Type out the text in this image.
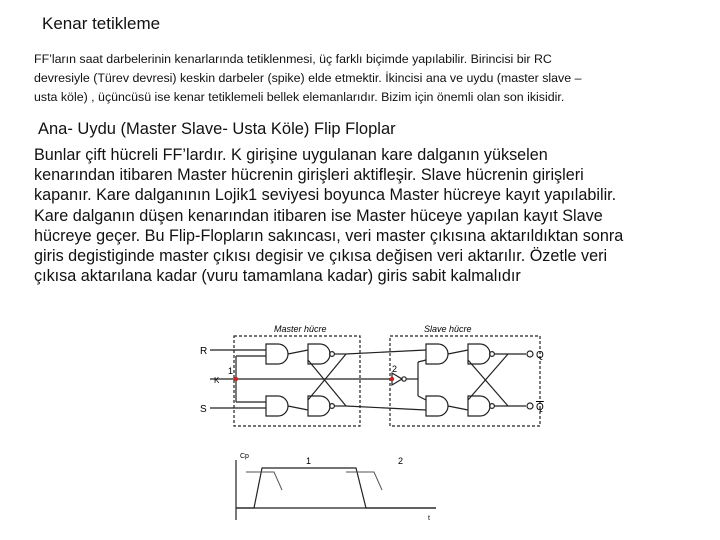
Kenar tetikleme
FF’ların saat darbelerinin kenarlarında tetiklenmesi, üç farklı biçimde yapılabilir. Birincisi bir RC
devresiyle (Türev devresi) keskin darbeler (spike) elde etmektir. İkincisi ana ve uydu (master slave –
usta köle) , üçüncüsü ise kenar tetiklemeli bellek elemanlarıdır. Bizim için önemli olan son ikisidir.
Ana- Uydu (Master Slave- Usta Köle) Flip Floplar
Bunlar çift hücreli FF’lardır. K girişine uygulanan kare dalganın yükselen
kenarından itibaren Master hücrenin girişleri aktifleşir. Slave hücrenin girişleri
kapanır. Kare dalganının Lojik1 seviyesi boyunca Master hücreye kayıt yapılabilir.
Kare dalganın düşen kenarından itibaren ise Master hüceye yapılan kayıt Slave
hücreye geçer. Bu Flip-Flopların sakıncası, veri master çıkısına aktarıldıktan sonra
giris degistiginde master çıkısı degisir ve çıkısa değisen veri aktarılır. Özetle veri
çıkısa aktarılana kadar (vuru tamamlana kadar) giris sabit kalmalıdır
Master hücre	Slave hücre
R
K
S
1	2
Q
Q
Cp	1	2
t
